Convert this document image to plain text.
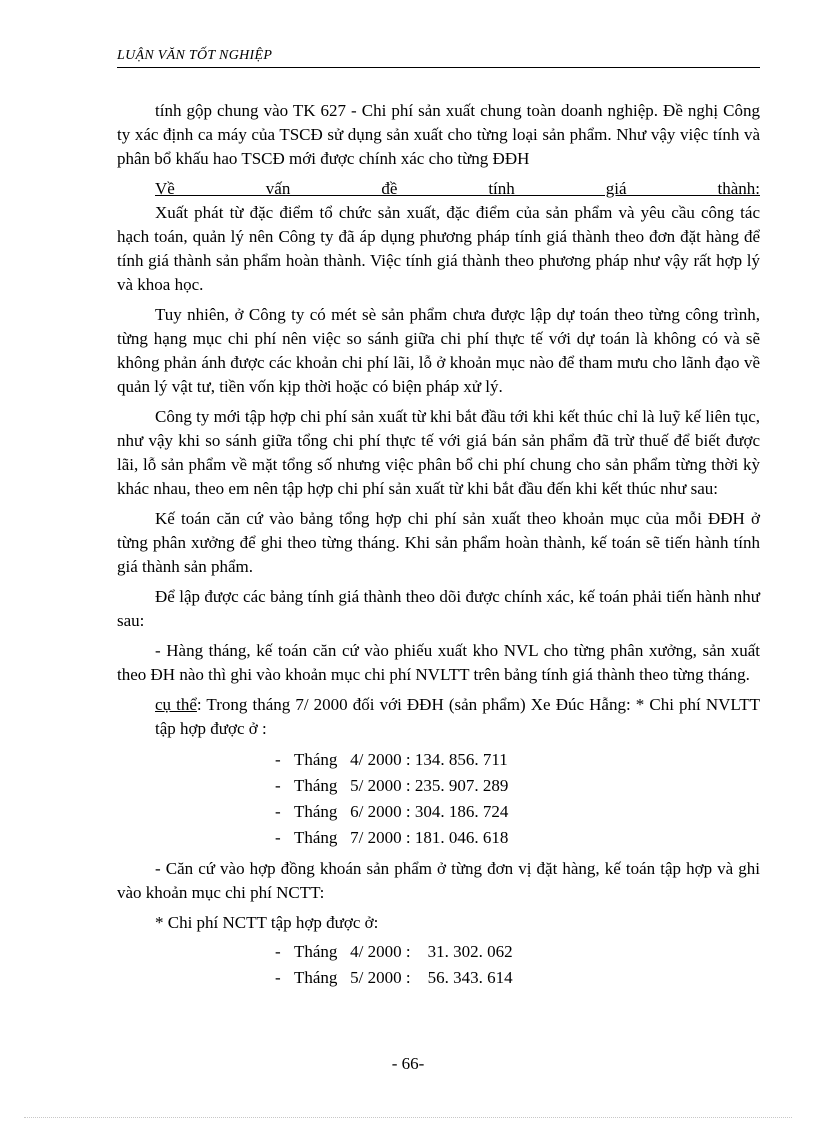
LUẬN VĂN TỐT NGHIỆP

tính gộp chung vào TK 627 - Chi phí sản xuất chung toàn doanh nghiệp. Đề nghị Công ty xác định ca máy của TSCĐ sử dụng sản xuất cho từng loại sản phẩm. Như vậy việc tính và phân bổ khấu hao TSCĐ mới được chính xác cho từng ĐĐH

Về vấn đề tính giá thành:

Xuất phát từ đặc điểm tổ chức sản xuất, đặc điểm của sản phẩm và yêu cầu công tác hạch toán, quản lý nên Công ty đã áp dụng phương pháp tính giá thành theo đơn đặt hàng để tính giá thành sản phẩm hoàn thành. Việc tính giá thành theo phương pháp như vậy rất hợp lý và khoa học.

Tuy nhiên, ở Công ty có mét sè sản phẩm chưa được lập dự toán theo từng công trình, từng hạng mục chi phí nên việc so sánh giữa chi phí thực tế với dự toán là không có và sẽ không phản ánh được các khoản chi phí lãi, lỗ ở khoản mục nào để tham mưu cho lãnh đạo về quản lý vật tư, tiền vốn kịp thời hoặc có biện pháp xử lý.

Công ty mới tập hợp chi phí sản xuất từ khi bắt đầu tới khi kết thúc chỉ là luỹ kế liên tục, như vậy khi so sánh giữa tổng chi phí thực tế với giá bán sản phẩm đã trừ thuế để biết được lãi, lỗ sản phẩm về mặt tổng số nhưng việc phân bổ chi phí chung cho sản phẩm từng thời kỳ khác nhau, theo em nên tập hợp chi phí sản xuất từ khi bắt đầu đến khi kết thúc như sau:

Kế toán căn cứ vào bảng tổng hợp chi phí sản xuất theo khoản mục của mỗi ĐĐH ở từng phân xưởng để ghi theo từng tháng. Khi sản phẩm hoàn thành, kế toán sẽ tiến hành tính giá thành sản phẩm.

Để lập được các bảng tính giá thành theo dõi được chính xác, kế toán phải tiến hành như sau:

- Hàng tháng, kế toán căn cứ vào phiếu xuất kho NVL cho từng phân xưởng, sản xuất theo ĐH nào thì ghi vào khoản mục chi phí NVLTT trên bảng tính giá thành theo từng tháng.

cụ thể: Trong tháng 7/ 2000 đối với ĐĐH (sản phẩm) Xe Đúc Hẫng: * Chi phí NVLTT tập hợp được ở :

- Tháng   4/ 2000 : 134. 856. 711
- Tháng   5/ 2000 : 235. 907. 289
- Tháng   6/ 2000 : 304. 186. 724
- Tháng   7/ 2000 : 181. 046. 618

- Căn cứ vào hợp đồng khoán sản phẩm ở từng đơn vị đặt hàng, kế toán tập hợp và ghi vào khoản mục chi phí NCTT:

* Chi phí NCTT tập hợp được ở:

- Tháng   4/ 2000 :    31. 302. 062
- Tháng   5/ 2000 :    56. 343. 614
- 66-
